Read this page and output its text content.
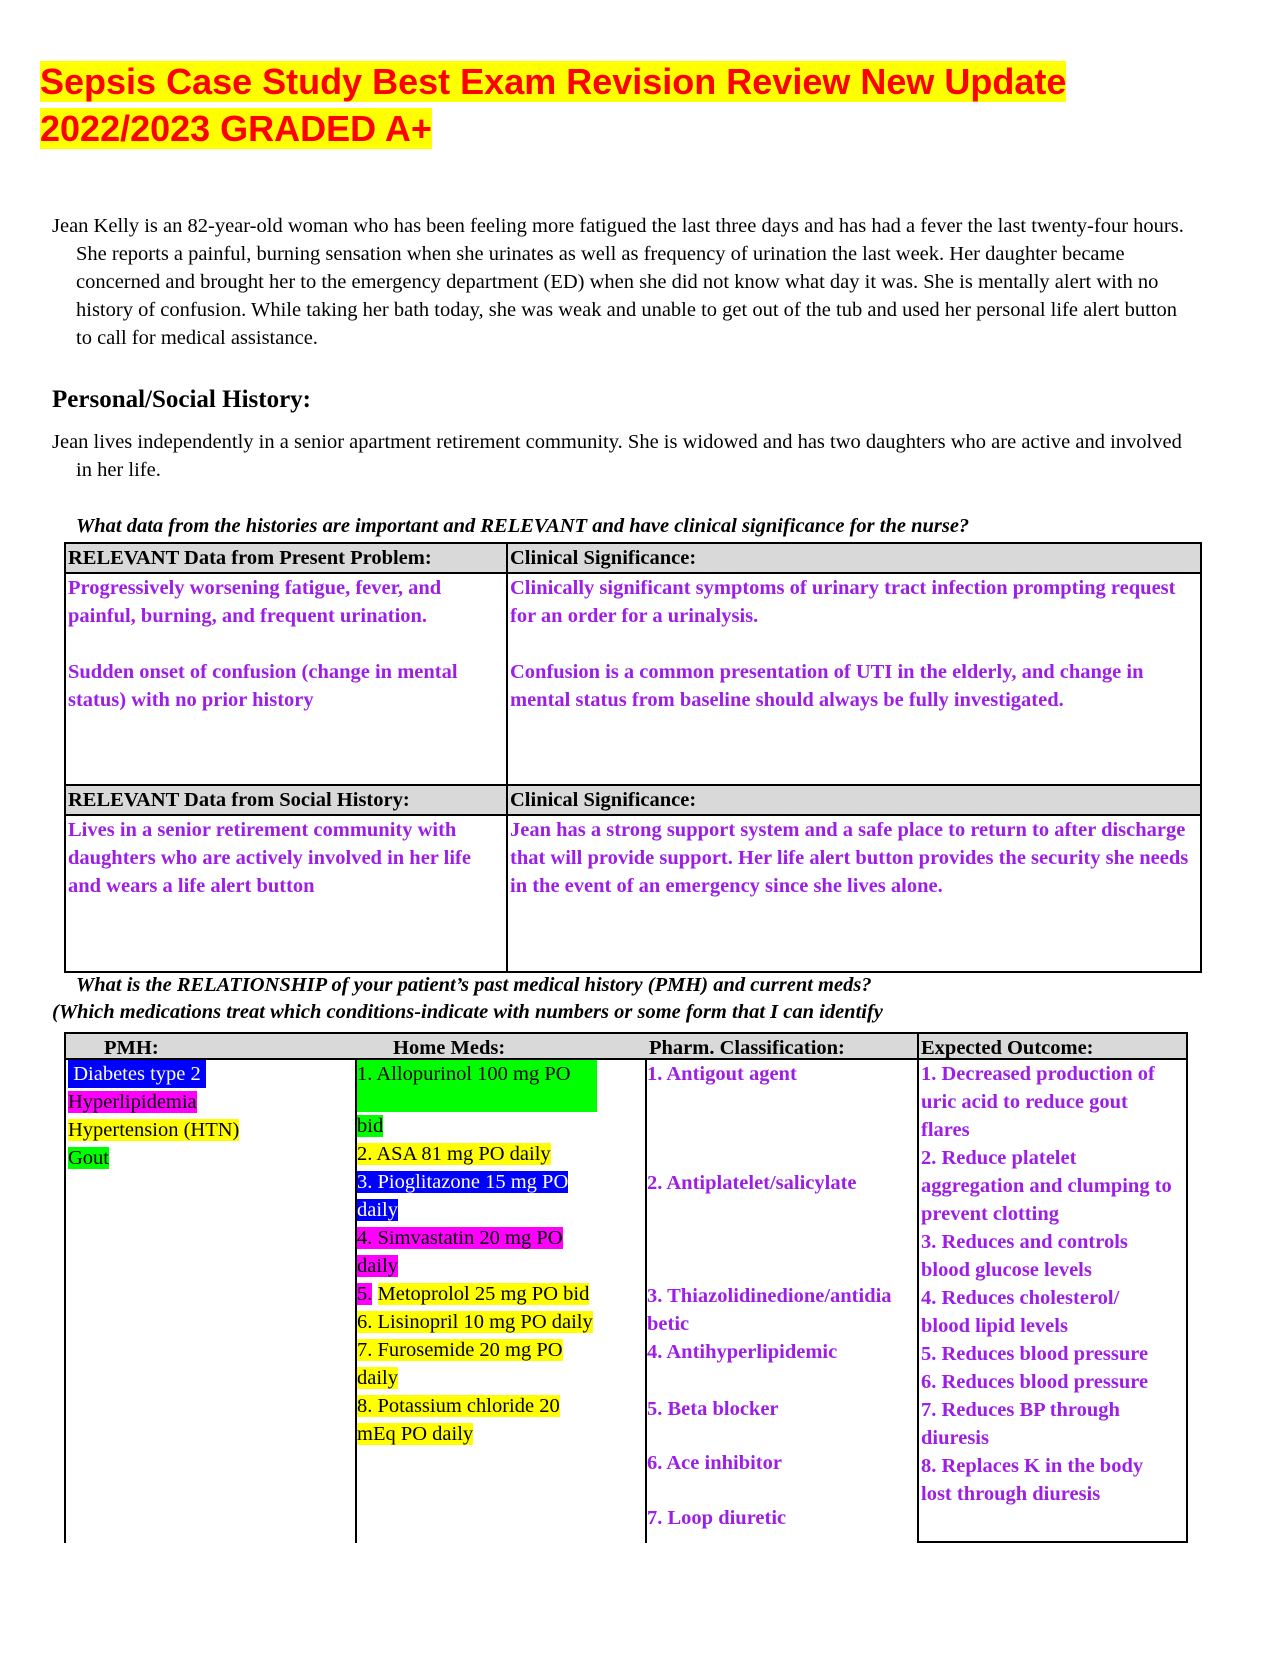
Sepsis Case Study Best Exam Revision Review New Update
2022/2023 GRADED A+

Jean Kelly is an 82-year-old woman who has been feeling more fatigued the last three days and has had a fever the last twenty-four hours. She reports a painful, burning sensation when she urinates as well as frequency of urination the last week. Her daughter became concerned and brought her to the emergency department (ED) when she did not know what day it was. She is mentally alert with no history of confusion. While taking her bath today, she was weak and unable to get out of the tub and used her personal life alert button to call for medical assistance.

Personal/Social History:

Jean lives independently in a senior apartment retirement community. She is widowed and has two daughters who are active and involved in her life.

What data from the histories are important and RELEVANT and have clinical significance for the nurse?

RELEVANT Data from Present Problem:	Clinical Significance:
Progressively worsening fatigue, fever, and painful, burning, and frequent urination.
Sudden onset of confusion (change in mental status) with no prior history
Clinically significant symptoms of urinary tract infection prompting request for an order for a urinalysis.
Confusion is a common presentation of UTI in the elderly, and change in mental status from baseline should always be fully investigated.
RELEVANT Data from Social History:	Clinical Significance:
Lives in a senior retirement community with daughters who are actively involved in her life and wears a life alert button
Jean has a strong support system and a safe place to return to after discharge that will provide support. Her life alert button provides the security she needs in the event of an emergency since she lives alone.

What is the RELATIONSHIP of your patient’s past medical history (PMH) and current meds?

(Which medications treat which conditions-indicate with numbers or some form that I can identify

PMH:
Diabetes type 2
Hyperlipidemia
Hypertension (HTN)
Gout
Home Meds:
1. Allopurinol 100 mg PO
bid
2. ASA 81 mg PO daily
3. Pioglitazone 15 mg PO daily
4. Simvastatin 20 mg PO daily
5. Metoprolol 25 mg PO bid
6. Lisinopril 10 mg PO daily
7. Furosemide 20 mg PO daily
8. Potassium chloride 20 mEq PO daily
Pharm. Classification:
1. Antigout agent
2. Antiplatelet/salicylate
3. Thiazolidinedione/antidiabetic
4. Antihyperlipidemic
5. Beta blocker
6. Ace inhibitor
7. Loop diuretic
Expected Outcome:
1. Decreased production of uric acid to reduce gout flares
2. Reduce platelet aggregation and clumping to prevent clotting
3. Reduces and controls blood glucose levels
4. Reduces cholesterol/ blood lipid levels
5. Reduces blood pressure
6. Reduces blood pressure
7. Reduces BP through diuresis
8. Replaces K in the body lost through diuresis
